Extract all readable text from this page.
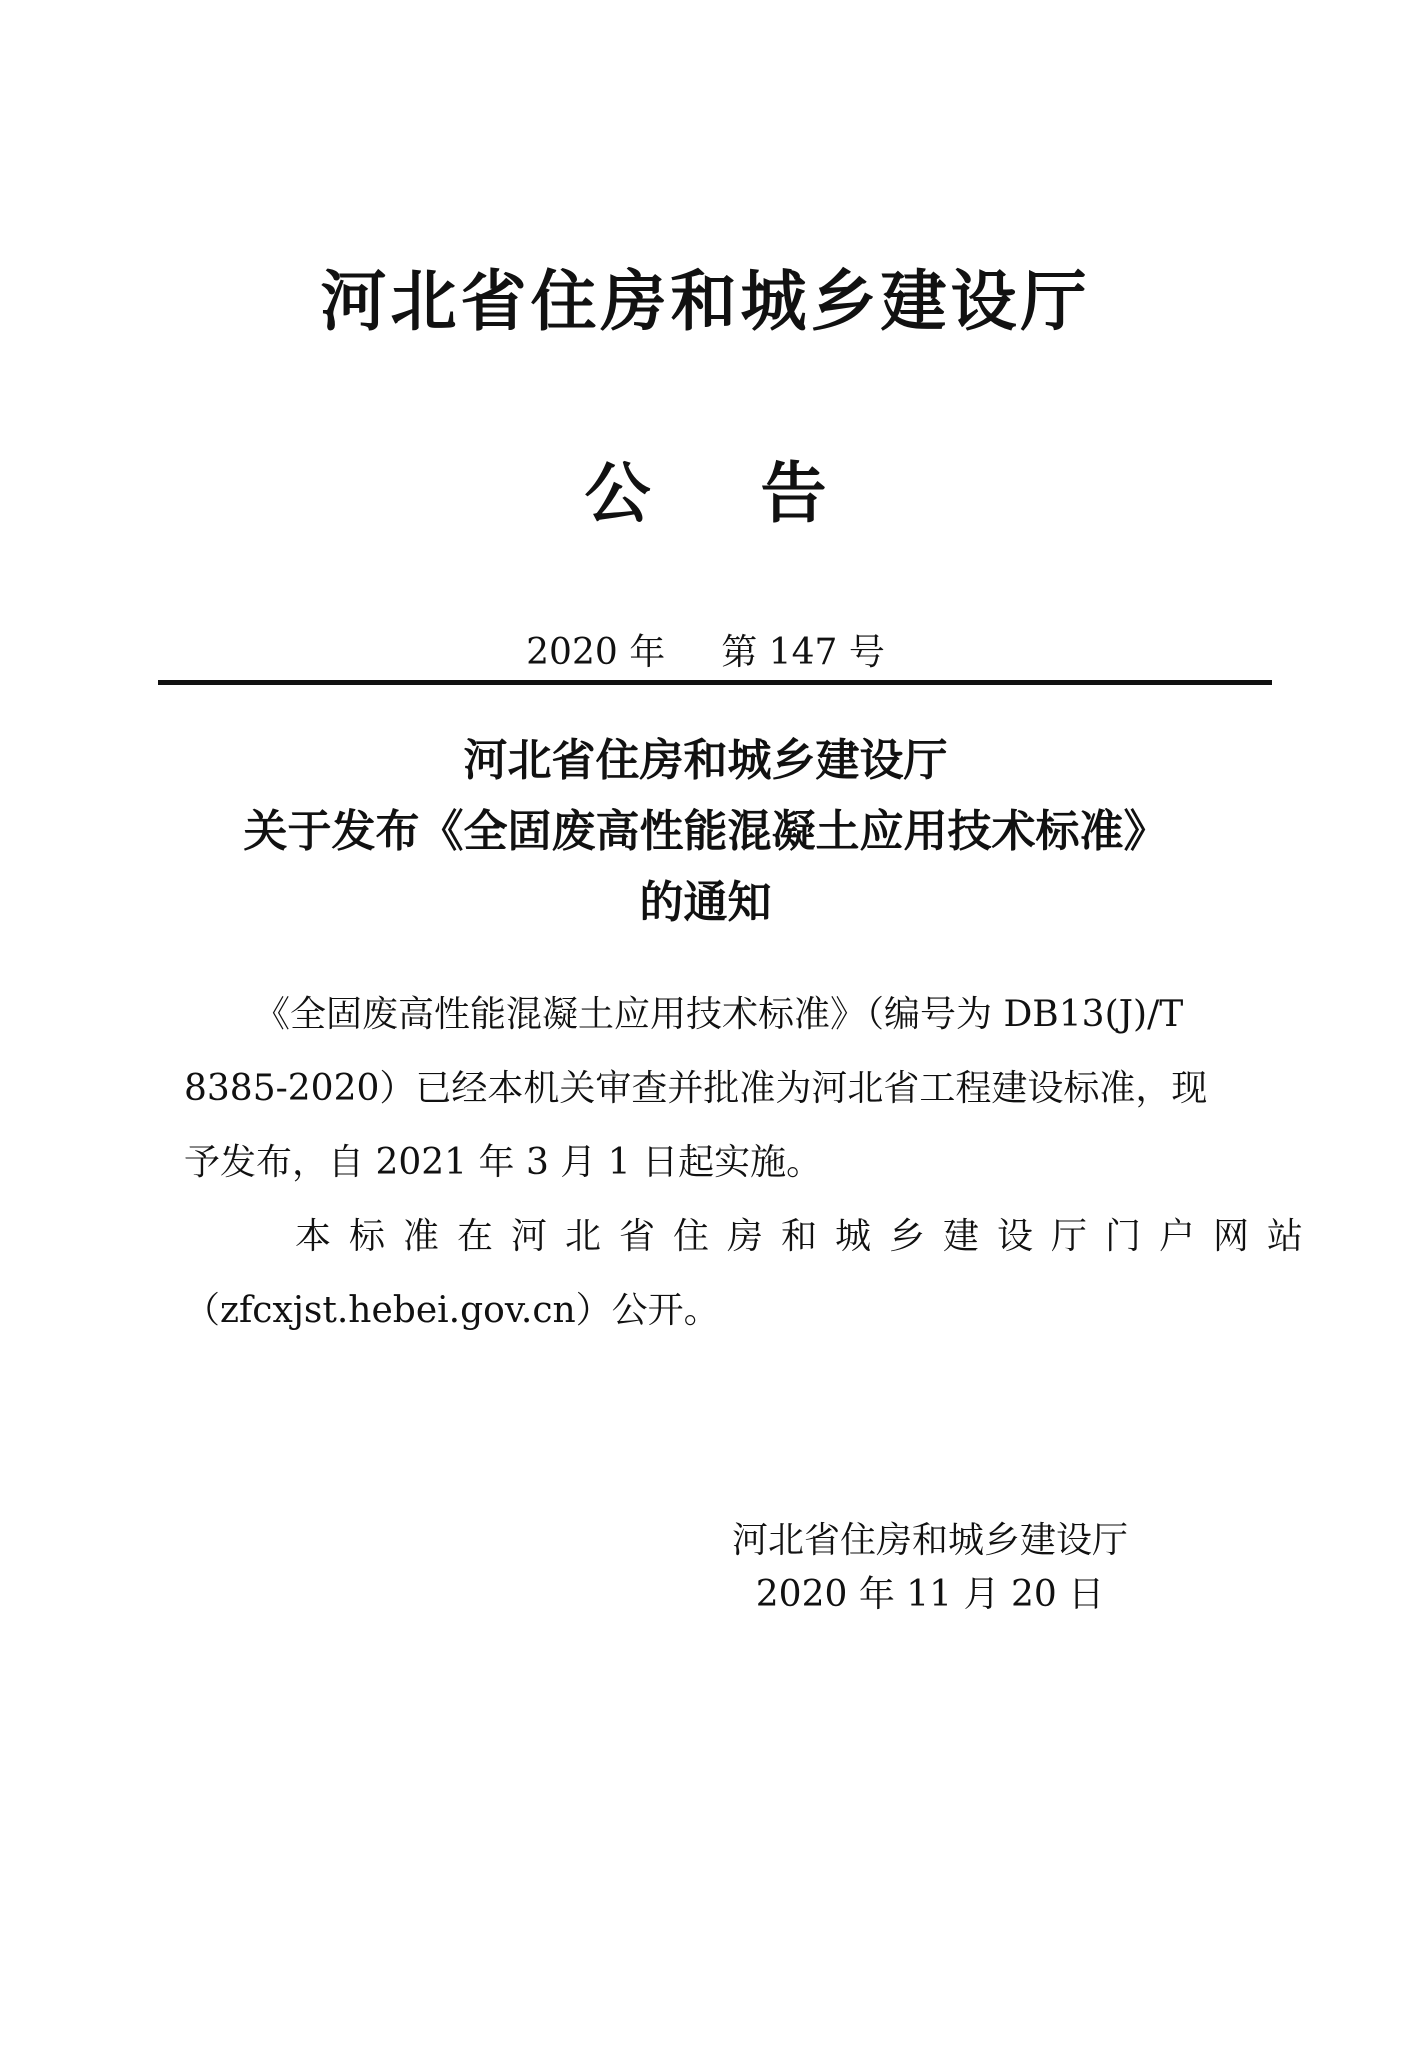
河北省住房和城乡建设厅
公告
2020 年 第 147 号
河北省住房和城乡建设厅
关于发布《全固废高性能混凝土应用技术标准》
的通知
《全固废高性能混凝土应用技术标准》（编号为 DB13(J)/T
8385-2020）已经本机关审查并批准为河北省工程建设标准，现
予发布，自 2021 年 3 月 1 日起实施。
本标准在河北省住房和城乡建设厅门户网站
（zfcxjst.hebei.gov.cn）公开。
河北省住房和城乡建设厅
2020 年 11 月 20 日
